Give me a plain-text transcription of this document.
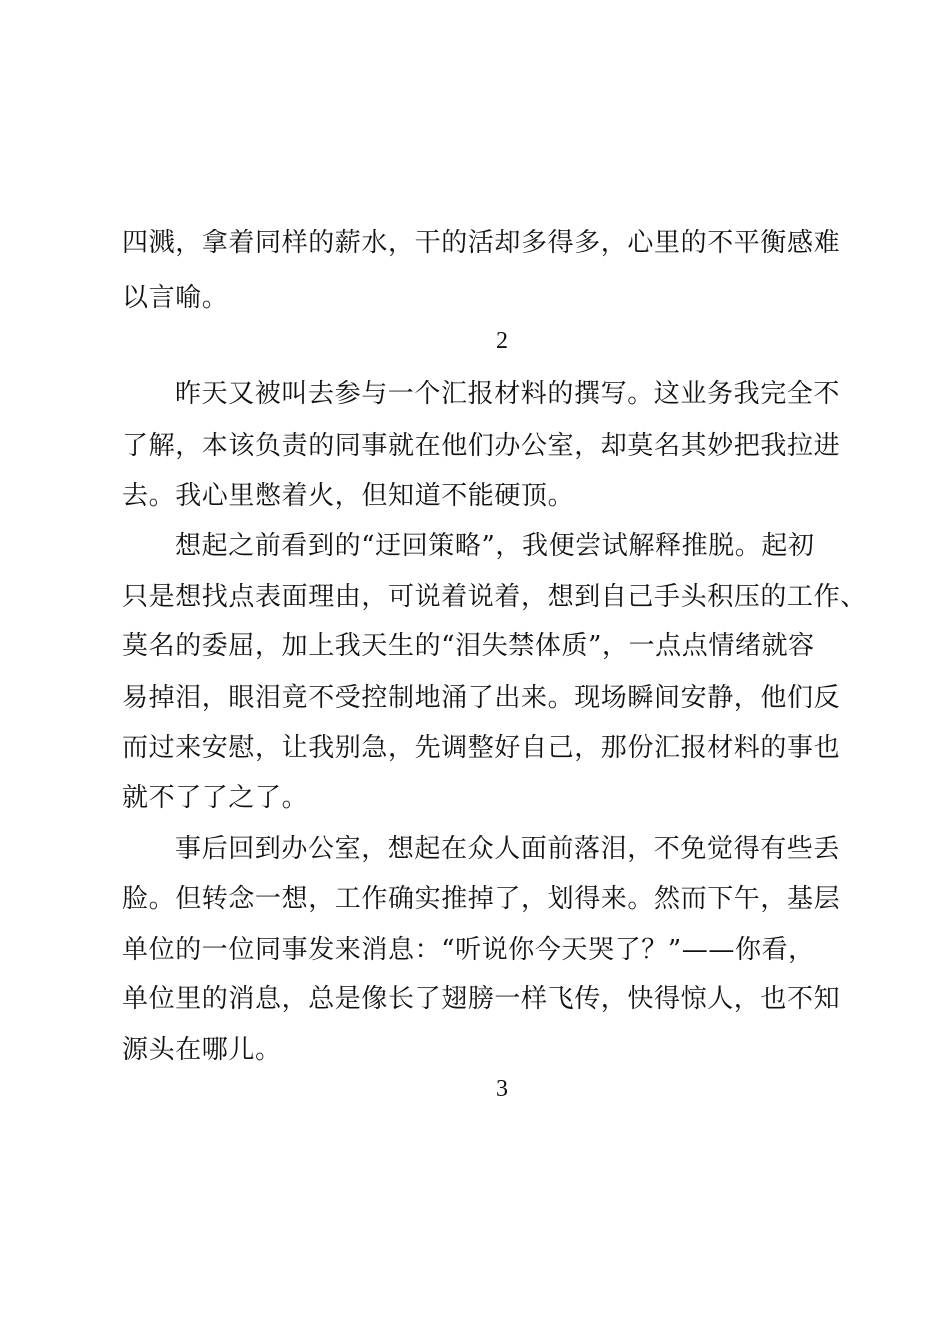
四溅，拿着同样的薪水，干的活却多得多，心里的不平衡感难
以言喻。
2
昨天又被叫去参与一个汇报材料的撰写。这业务我完全不
了解，本该负责的同事就在他们办公室，却莫名其妙把我拉进
去。我心里憋着火，但知道不能硬顶。
想起之前看到的“迂回策略”，我便尝试解释推脱。起初
只是想找点表面理由，可说着说着，想到自己手头积压的工作、
莫名的委屈，加上我天生的“泪失禁体质”，一点点情绪就容
易掉泪，眼泪竟不受控制地涌了出来。现场瞬间安静，他们反
而过来安慰，让我别急，先调整好自己，那份汇报材料的事也
就不了了之了。
事后回到办公室，想起在众人面前落泪，不免觉得有些丢
脸。但转念一想，工作确实推掉了，划得来。然而下午，基层
单位的一位同事发来消息：“听说你今天哭了？”——你看，
单位里的消息，总是像长了翅膀一样飞传，快得惊人，也不知
源头在哪儿。
3
